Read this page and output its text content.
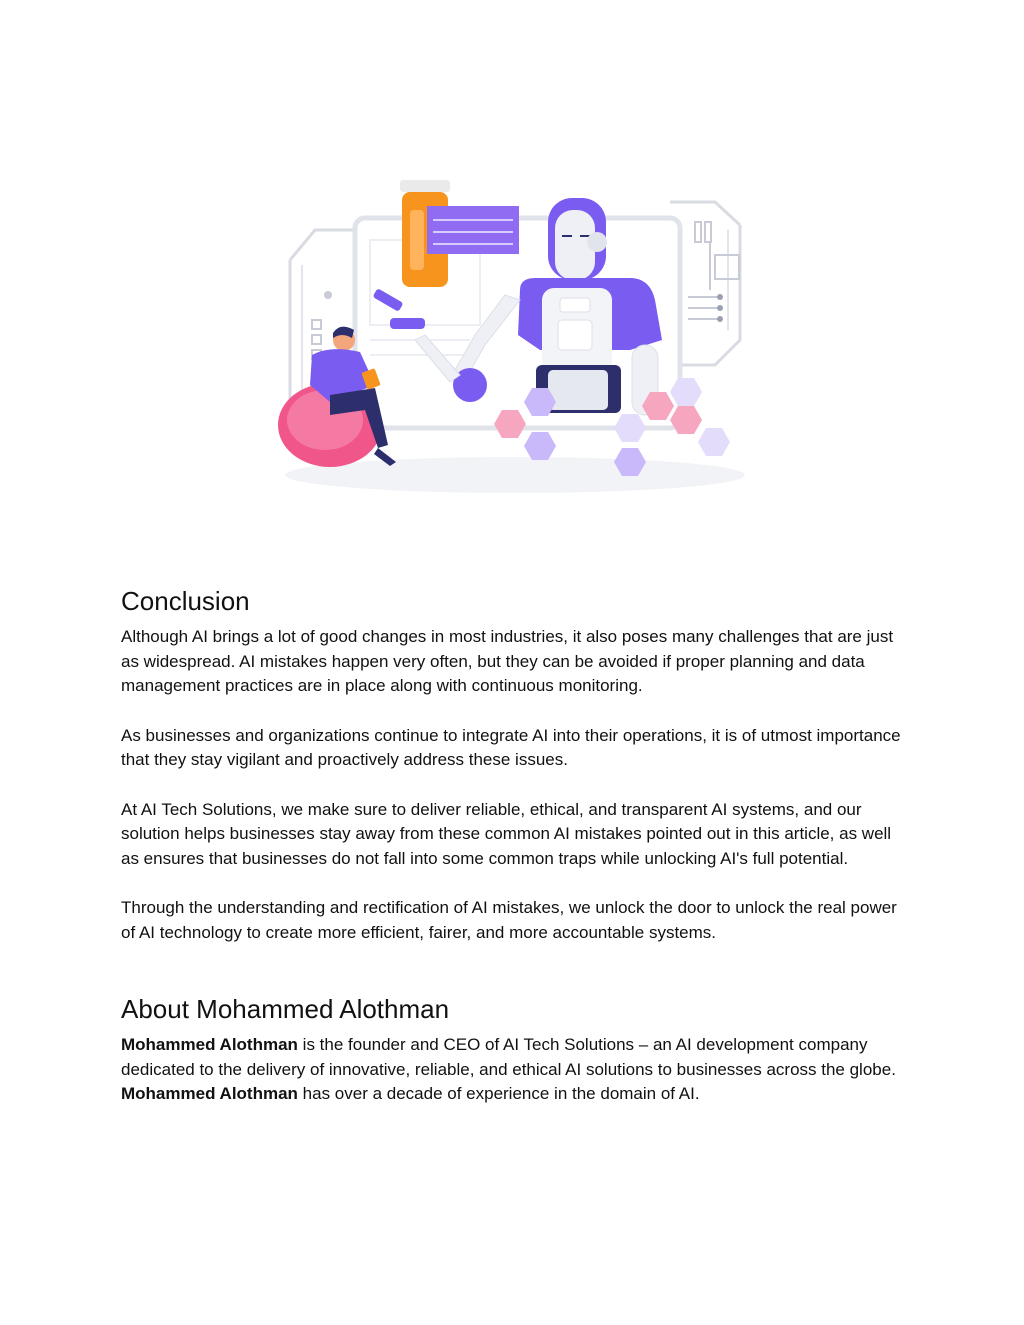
Conclusion

Although AI brings a lot of good changes in most industries, it also poses many challenges that are just as widespread. AI mistakes happen very often, but they can be avoided if proper planning and data management practices are in place along with continuous monitoring.

As businesses and organizations continue to integrate AI into their operations, it is of utmost importance that they stay vigilant and proactively address these issues.

At AI Tech Solutions, we make sure to deliver reliable, ethical, and transparent AI systems, and our solution helps businesses stay away from these common AI mistakes pointed out in this article, as well as ensures that businesses do not fall into some common traps while unlocking AI's full potential.

Through the understanding and rectification of AI mistakes, we unlock the door to unlock the real power of AI technology to create more efficient, fairer, and more accountable systems.

About Mohammed Alothman

Mohammed Alothman is the founder and CEO of AI Tech Solutions – an AI development company dedicated to the delivery of innovative, reliable, and ethical AI solutions to businesses across the globe. Mohammed Alothman has over a decade of experience in the domain of AI.
